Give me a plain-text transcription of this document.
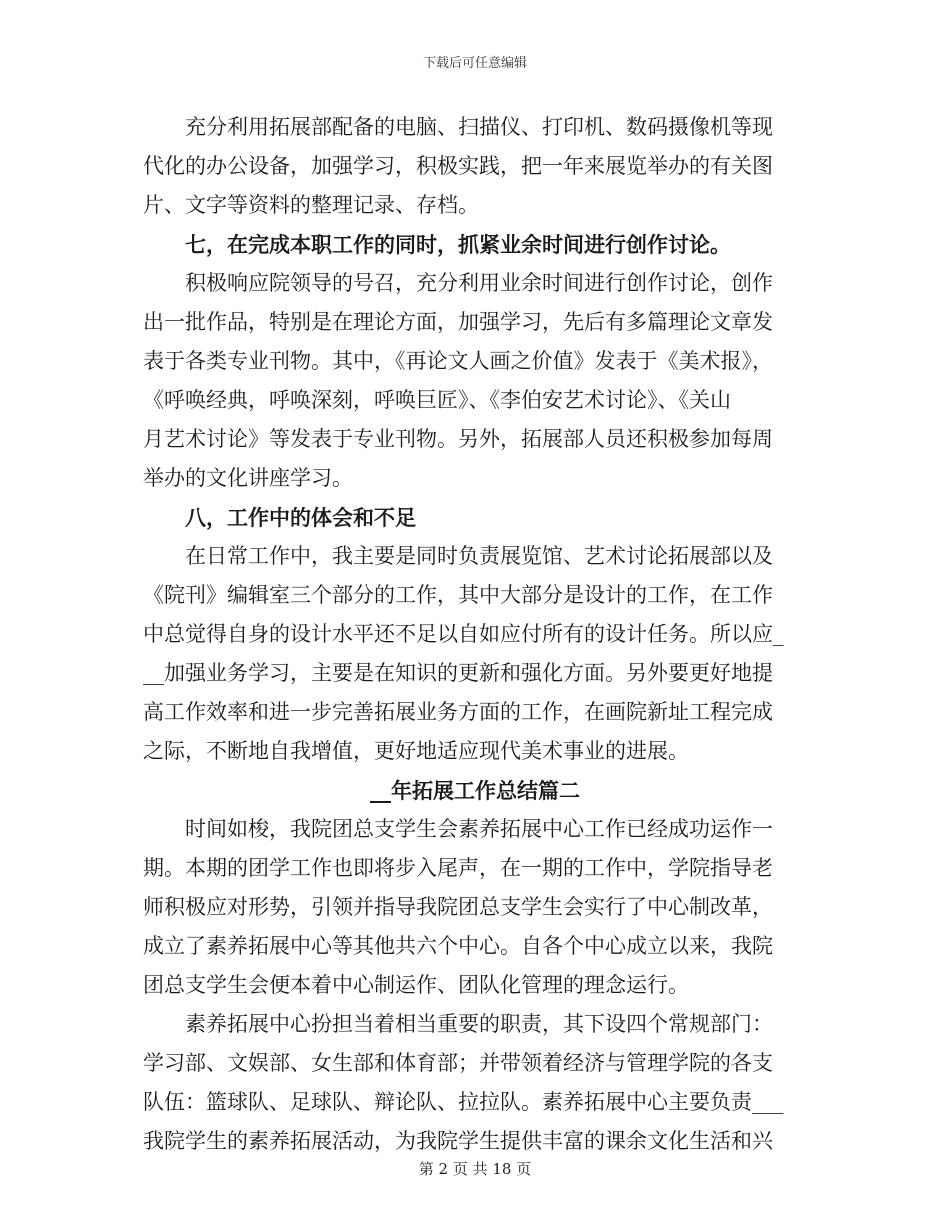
下载后可任意编辑
　　充分利用拓展部配备的电脑、扫描仪、打印机、数码摄像机等现
代化的办公设备，加强学习，积极实践，把一年来展览举办的有关图
片、文字等资料的整理记录、存档。
　　七，在完成本职工作的同时，抓紧业余时间进行创作讨论。
　　积极响应院领导的号召，充分利用业余时间进行创作讨论，创作
出一批作品，特别是在理论方面，加强学习，先后有多篇理论文章发
表于各类专业刊物。其中，《再论文人画之价值》发表于《美术报》，
《呼唤经典，呼唤深刻，呼唤巨匠》、《李伯安艺术讨论》、《关山
月艺术讨论》等发表于专业刊物。另外，拓展部人员还积极参加每周
举办的文化讲座学习。
　　八，工作中的体会和不足
　　在日常工作中，我主要是同时负责展览馆、艺术讨论拓展部以及
《院刊》编辑室三个部分的工作，其中大部分是设计的工作，在工作
中总觉得自身的设计水平还不足以自如应付所有的设计任务。所以应_
__加强业务学习，主要是在知识的更新和强化方面。另外要更好地提
高工作效率和进一步完善拓展业务方面的工作，在画院新址工程完成
之际，不断地自我增值，更好地适应现代美术事业的进展。
__年拓展工作总结篇二
　　时间如梭，我院团总支学生会素养拓展中心工作已经成功运作一
期。本期的团学工作也即将步入尾声，在一期的工作中，学院指导老
师积极应对形势，引领并指导我院团总支学生会实行了中心制改革，
成立了素养拓展中心等其他共六个中心。自各个中心成立以来，我院
团总支学生会便本着中心制运作、团队化管理的理念运行。
　　素养拓展中心扮担当着相当重要的职责，其下设四个常规部门：
学习部、文娱部、女生部和体育部；并带领着经济与管理学院的各支
队伍：篮球队、足球队、辩论队、拉拉队。素养拓展中心主要负责___
我院学生的素养拓展活动，为我院学生提供丰富的课余文化生活和兴
第 2 页 共 18 页
